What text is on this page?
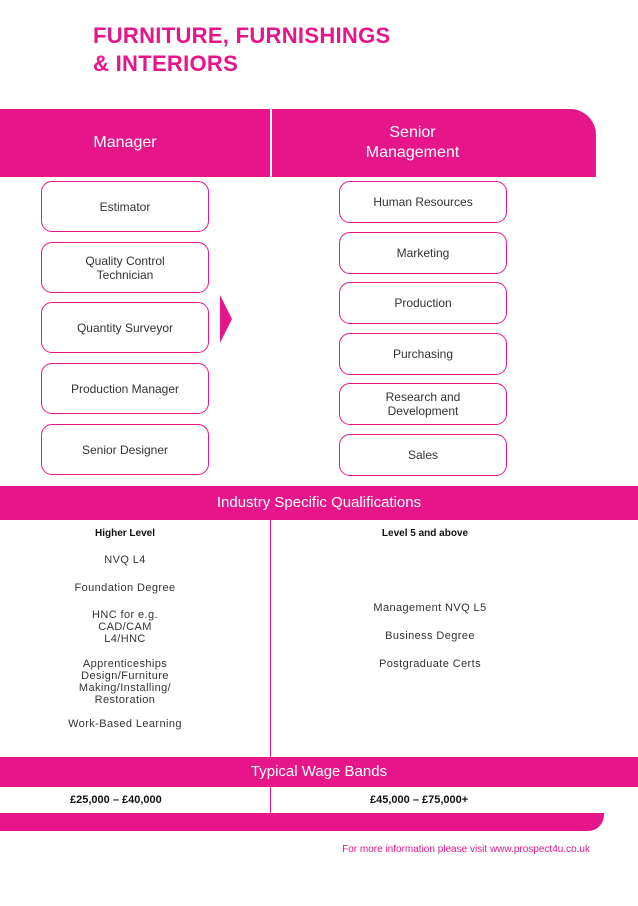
FURNITURE, FURNISHINGS
& INTERIORS
Manager
Senior
Management
Estimator
Quality Control
Technician
Quantity Surveyor
Production Manager
Senior Designer
Human Resources
Marketing
Production
Purchasing
Research and
Development
Sales
Industry Specific Qualifications
Higher Level	Level 5 and above
NVQ L4
Foundation Degree
HNC for e.g.
CAD/CAM
L4/HNC
Apprenticeships
Design/Furniture
Making/Installing/
Restoration
Work-Based Learning
Management NVQ L5
Business Degree
Postgraduate Certs
Typical Wage Bands
£25,000 – £40,000	£45,000 – £75,000+
For more information please visit www.prospect4u.co.uk
